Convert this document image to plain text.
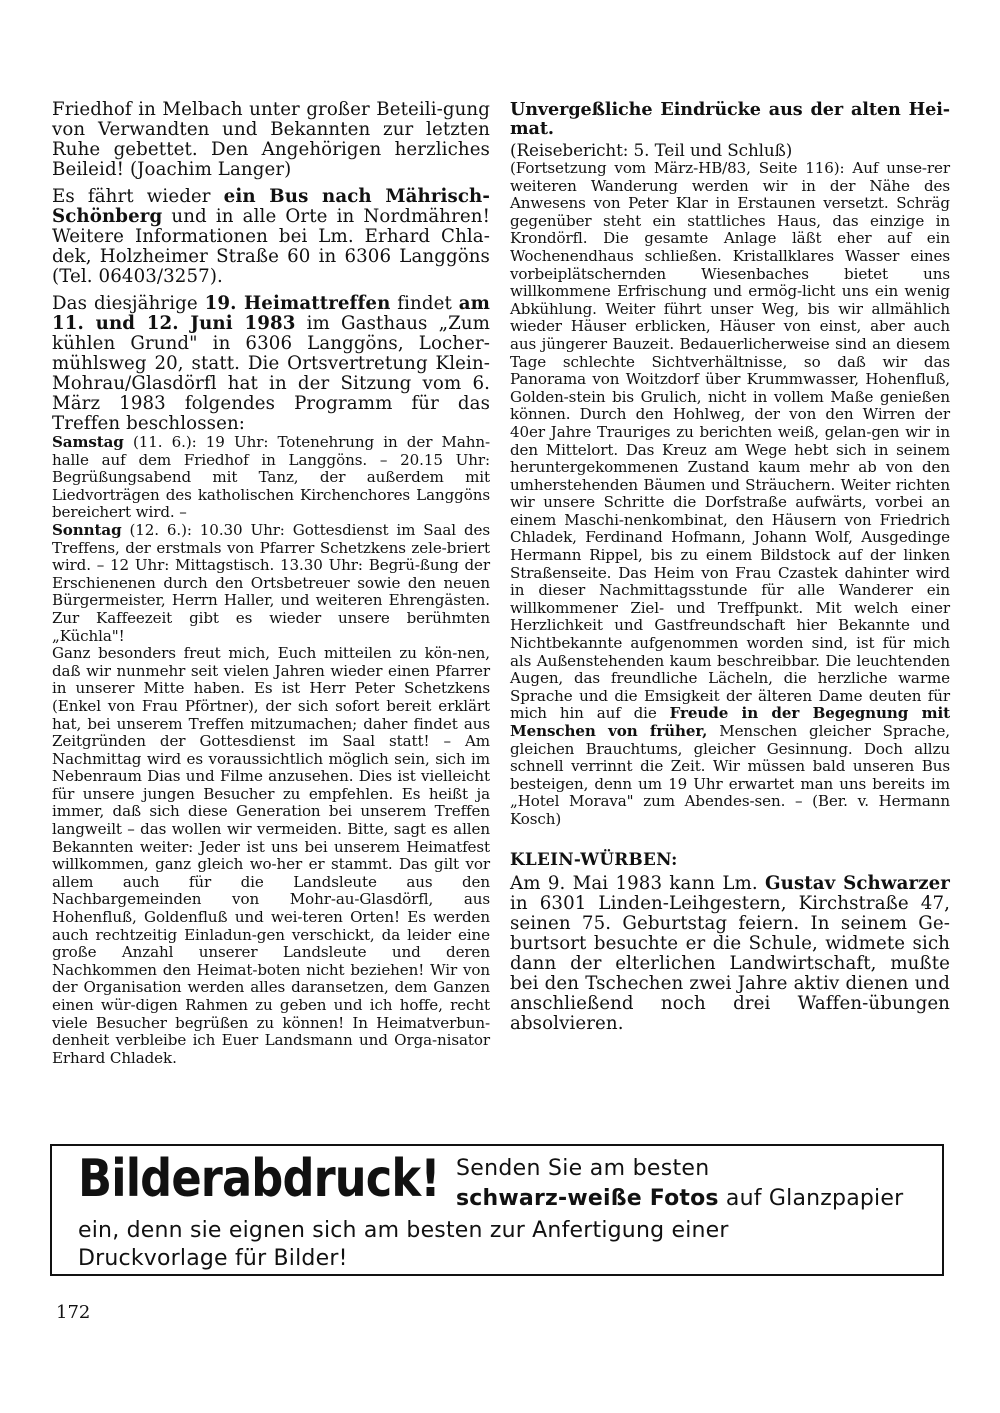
Friedhof in Melbach unter großer Beteili-gung von Verwandten und Bekannten zur letzten Ruhe gebettet. Den Angehörigen herzliches Beileid! (Joachim Langer)

Es fährt wieder ein Bus nach Mährisch-Schönberg und in alle Orte in Nordmähren! Weitere Informationen bei Lm. Erhard Chla-dek, Holzheimer Straße 60 in 6306 Langgöns (Tel. 06403/3257).

Das diesjährige 19. Heimattreffen findet am 11. und 12. Juni 1983 im Gasthaus „Zum kühlen Grund" in 6306 Langgöns, Locher-mühlsweg 20, statt. Die Ortsvertretung Klein-Mohrau/Glasdörfl hat in der Sitzung vom 6. März 1983 folgendes Programm für das Treffen beschlossen:

Samstag (11. 6.): 19 Uhr: Totenehrung in der Mahn-halle auf dem Friedhof in Langgöns. – 20.15 Uhr: Begrüßungsabend mit Tanz, der außerdem mit Liedvorträgen des katholischen Kirchenchores Langgöns bereichert wird. –

Sonntag (12. 6.): 10.30 Uhr: Gottesdienst im Saal des Treffens, der erstmals von Pfarrer Schetzkens zele-briert wird. – 12 Uhr: Mittagstisch. 13.30 Uhr: Begrü-ßung der Erschienenen durch den Ortsbetreuer sowie den neuen Bürgermeister, Herrn Haller, und weiteren Ehrengästen. Zur Kaffeezeit gibt es wieder unsere berühmten „Küchla"!

Ganz besonders freut mich, Euch mitteilen zu kön-nen, daß wir nunmehr seit vielen Jahren wieder einen Pfarrer in unserer Mitte haben. Es ist Herr Peter Schetzkens (Enkel von Frau Pförtner), der sich sofort bereit erklärt hat, bei unserem Treffen mitzumachen; daher findet aus Zeitgründen der Gottesdienst im Saal statt! – Am Nachmittag wird es voraussichtlich möglich sein, sich im Nebenraum Dias und Filme anzusehen. Dies ist vielleicht für unsere jungen Besucher zu empfehlen. Es heißt ja immer, daß sich diese Generation bei unserem Treffen langweilt – das wollen wir vermeiden. Bitte, sagt es allen Bekannten weiter: Jeder ist uns bei unserem Heimatfest willkommen, ganz gleich wo-her er stammt. Das gilt vor allem auch für die Landsleute aus den Nachbargemeinden von Mohr-au-Glasdörfl, aus Hohenfluß, Goldenfluß und wei-teren Orten! Es werden auch rechtzeitig Einladun-gen verschickt, da leider eine große Anzahl unserer Landsleute und deren Nachkommen den Heimat-boten nicht beziehen! Wir von der Organisation werden alles daransetzen, dem Ganzen einen wür-digen Rahmen zu geben und ich hoffe, recht viele Besucher begrüßen zu können! In Heimatverbun-denheit verbleibe ich Euer Landsmann und Orga-nisator Erhard Chladek.

Unvergeßliche Eindrücke aus der alten Hei-mat.

(Reisebericht: 5. Teil und Schluß)

(Fortsetzung vom März-HB/83, Seite 116): Auf unse-rer weiteren Wanderung werden wir in der Nähe des Anwesens von Peter Klar in Erstaunen versetzt. Schräg gegenüber steht ein stattliches Haus, das einzige in Krondörfl. Die gesamte Anlage läßt eher auf ein Wochenendhaus schließen. Kristallklares Wasser eines vorbeiplätschernden Wiesenbaches bietet uns willkommene Erfrischung und ermög-licht uns ein wenig Abkühlung. Weiter führt unser Weg, bis wir allmählich wieder Häuser erblicken, Häuser von einst, aber auch aus jüngerer Bauzeit. Bedauerlicherweise sind an diesem Tage schlechte Sichtverhältnisse, so daß wir das Panorama von Woitzdorf über Krummwasser, Hohenfluß, Golden-stein bis Grulich, nicht in vollem Maße genießen können. Durch den Hohlweg, der von den Wirren der 40er Jahre Trauriges zu berichten weiß, gelan-gen wir in den Mittelort. Das Kreuz am Wege hebt sich in seinem heruntergekommenen Zustand kaum mehr ab von den umherstehenden Bäumen und Sträuchern. Weiter richten wir unsere Schritte die Dorfstraße aufwärts, vorbei an einem Maschi-nenkombinat, den Häusern von Friedrich Chladek, Ferdinand Hofmann, Johann Wolf, Ausgedinge Hermann Rippel, bis zu einem Bildstock auf der linken Straßenseite. Das Heim von Frau Czastek dahinter wird in dieser Nachmittagsstunde für alle Wanderer ein willkommener Ziel- und Treffpunkt. Mit welch einer Herzlichkeit und Gastfreundschaft hier Bekannte und Nichtbekannte aufgenommen worden sind, ist für mich als Außenstehenden kaum beschreibbar. Die leuchtenden Augen, das freundliche Lächeln, die herzliche warme Sprache und die Emsigkeit der älteren Dame deuten für mich hin auf die Freude in der Begegnung mit Menschen von früher, Menschen gleicher Sprache, gleichen Brauchtums, gleicher Gesinnung. Doch allzu schnell verrinnt die Zeit. Wir müssen bald unseren Bus besteigen, denn um 19 Uhr erwartet man uns bereits im „Hotel Morava" zum Abendes-sen. – (Ber. v. Hermann Kosch)

KLEIN-WÜRBEN:

Am 9. Mai 1983 kann Lm. Gustav Schwarzer in 6301 Linden-Leihgestern, Kirchstraße 47, seinen 75. Geburtstag feiern. In seinem Ge-burtsort besuchte er die Schule, widmete sich dann der elterlichen Landwirtschaft, mußte bei den Tschechen zwei Jahre aktiv dienen und anschließend noch drei Waffen-übungen absolvieren.

Bilderabdruck! Senden Sie am besten
schwarz-weiße Fotos auf Glanzpapier
ein, denn sie eignen sich am besten zur Anfertigung einer
Druckvorlage für Bilder!
172
